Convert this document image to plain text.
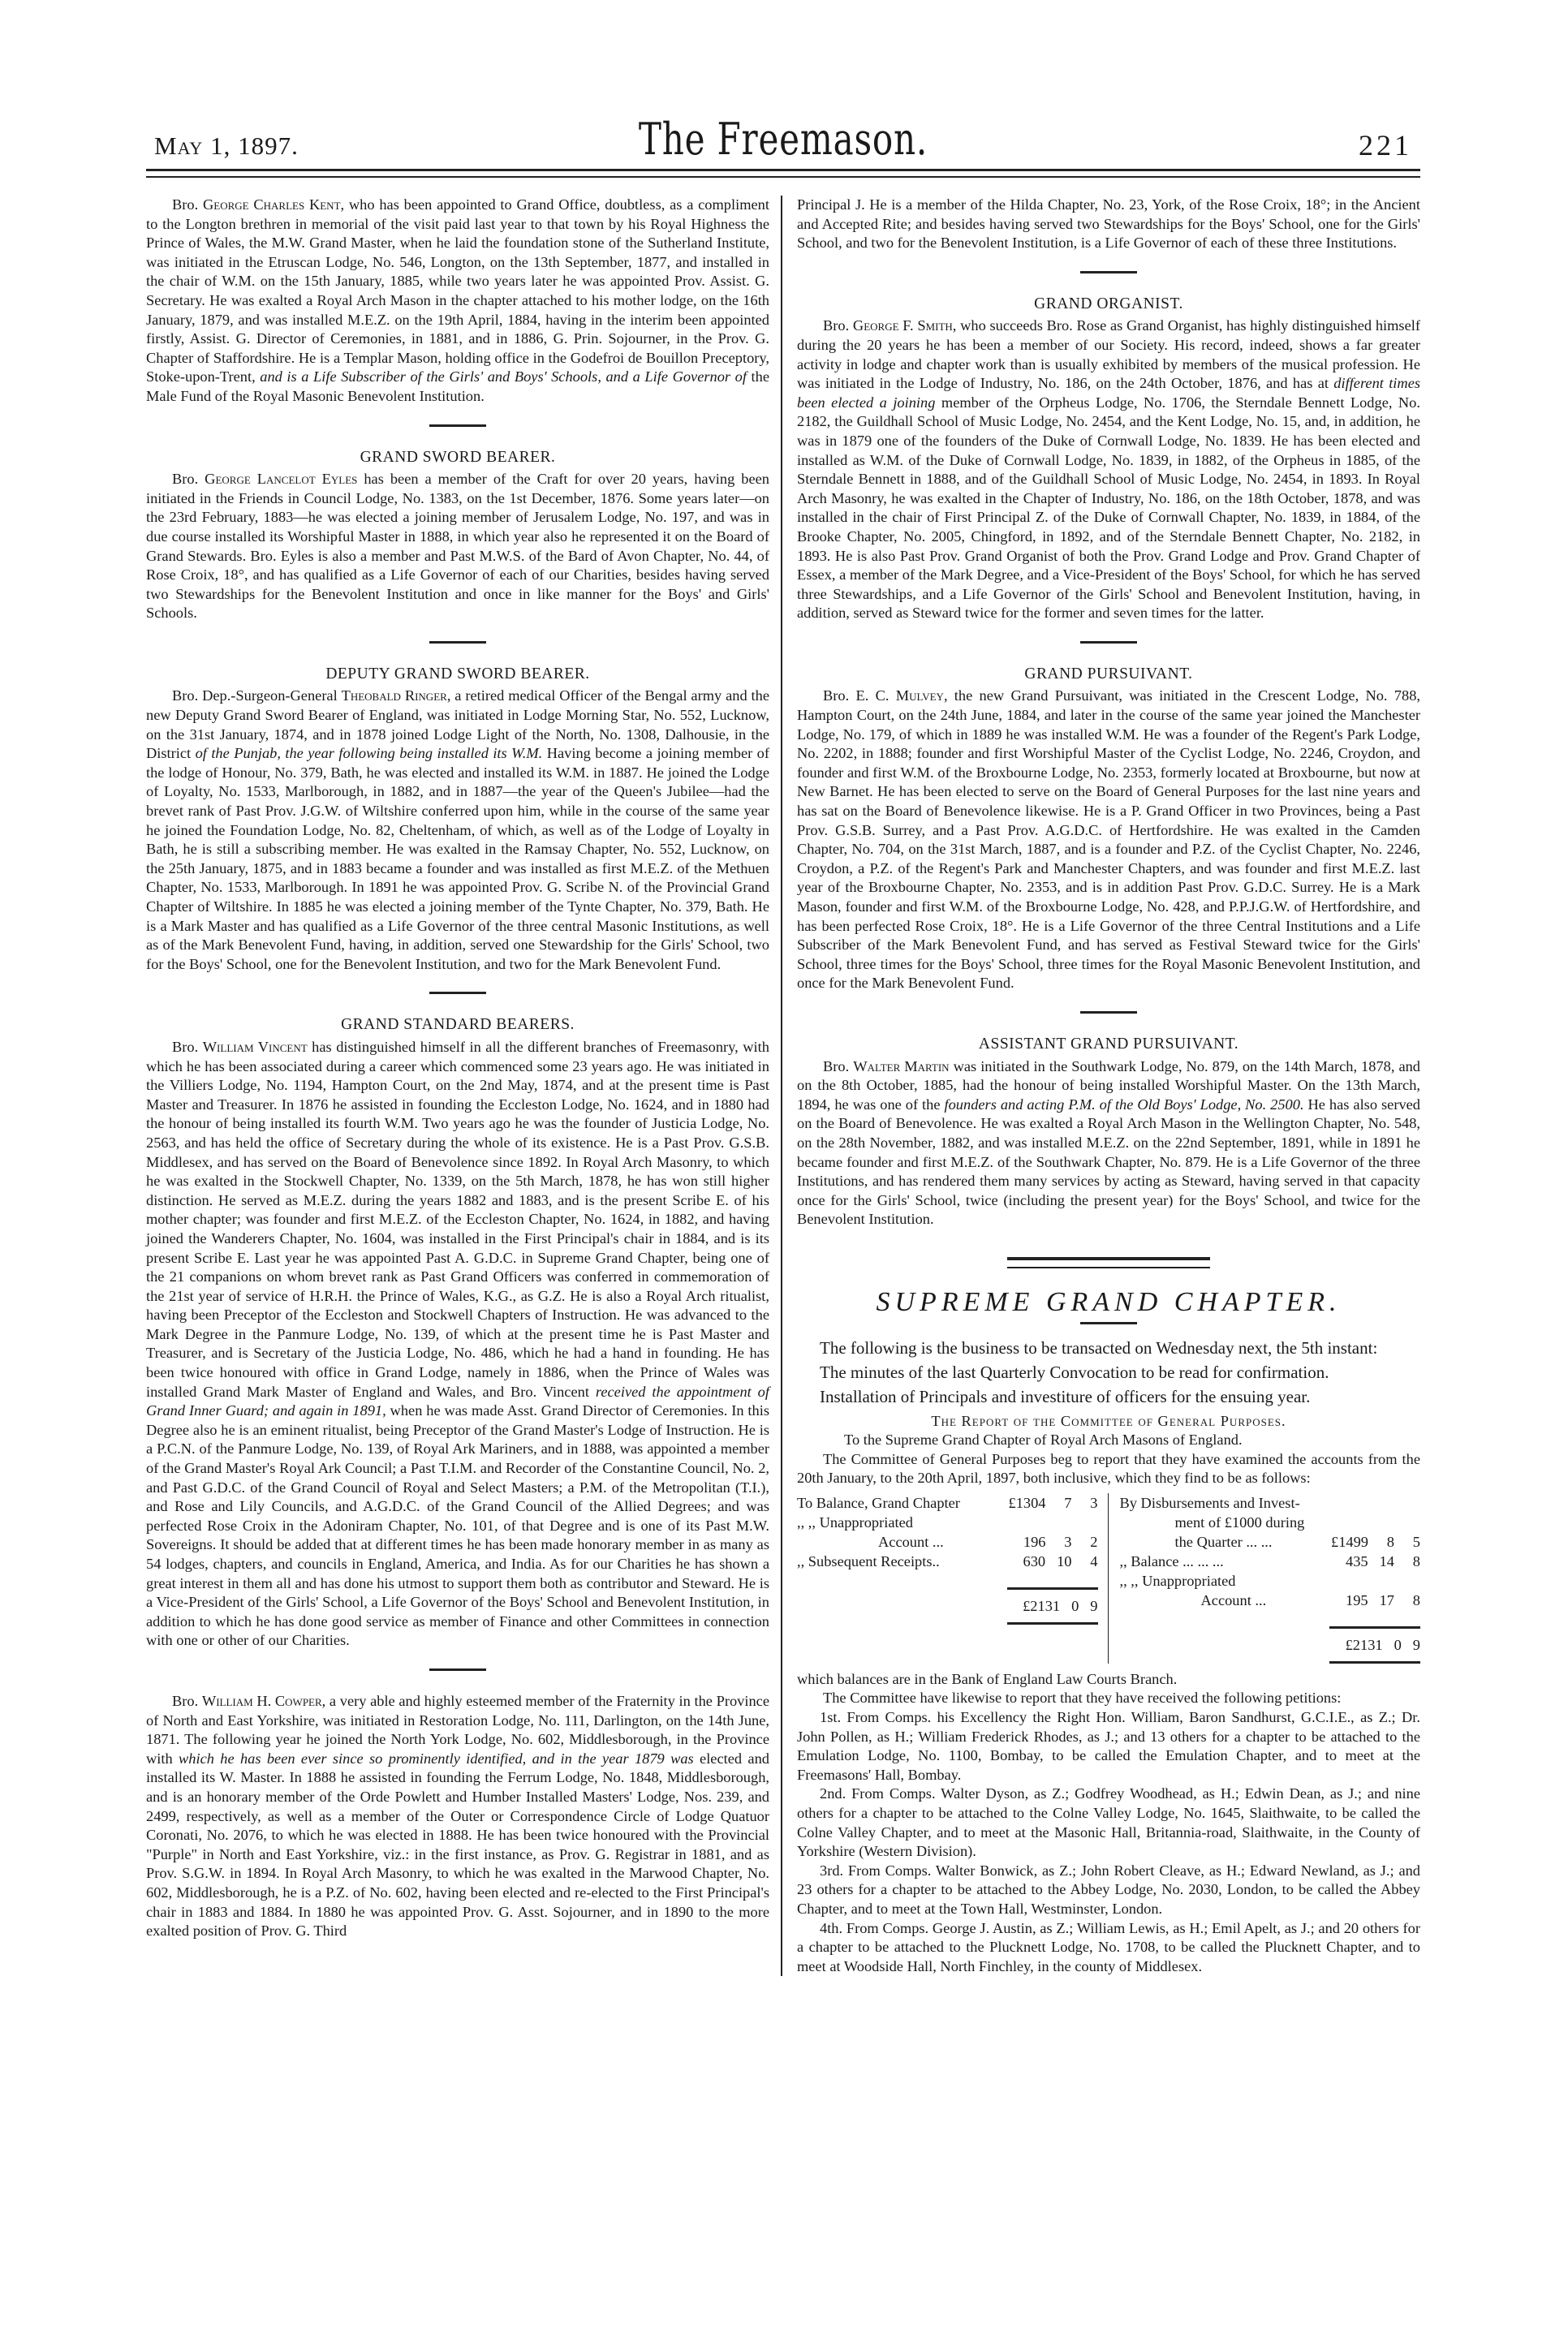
May 1, 1897.	The Freemason.	221

Bro. George Charles Kent, who has been appointed to Grand Office, doubtless, as a compliment to the Longton brethren in memorial of the visit paid last year to that town by his Royal Highness the Prince of Wales, the M.W. Grand Master, when he laid the foundation stone of the Sutherland Institute, was initiated in the Etruscan Lodge, No. 546, Longton, on the 13th September, 1877, and installed in the chair of W.M. on the 15th January, 1885, while two years later he was appointed Prov. Assist. G. Secretary. He was exalted a Royal Arch Mason in the chapter attached to his mother lodge, on the 16th January, 1879, and was installed M.E.Z. on the 19th April, 1884, having in the interim been appointed firstly, Assist. G. Director of Ceremonies, in 1881, and in 1886, G. Prin. Sojourner, in the Prov. G. Chapter of Staffordshire. He is a Templar Mason, holding office in the Godefroi de Bouillon Preceptory, Stoke-upon-Trent, and is a Life Subscriber of the Girls' and Boys' Schools, and a Life Governor of the Male Fund of the Royal Masonic Benevolent Institution.

GRAND SWORD BEARER.

Bro. George Lancelot Eyles has been a member of the Craft for over 20 years, having been initiated in the Friends in Council Lodge, No. 1383, on the 1st December, 1876. Some years later—on the 23rd February, 1883—he was elected a joining member of Jerusalem Lodge, No. 197, and was in due course installed its Worshipful Master in 1888, in which year also he represented it on the Board of Grand Stewards. Bro. Eyles is also a member and Past M.W.S. of the Bard of Avon Chapter, No. 44, of Rose Croix, 18°, and has qualified as a Life Governor of each of our Charities, besides having served two Stewardships for the Benevolent Institution and once in like manner for the Boys' and Girls' Schools.

DEPUTY GRAND SWORD BEARER.

Bro. Dep.-Surgeon-General Theobald Ringer, a retired medical Officer of the Bengal army and the new Deputy Grand Sword Bearer of England, was initiated in Lodge Morning Star, No. 552, Lucknow, on the 31st January, 1874, and in 1878 joined Lodge Light of the North, No. 1308, Dalhousie, in the District of the Punjab, the year following being installed its W.M. Having become a joining member of the lodge of Honour, No. 379, Bath, he was elected and installed its W.M. in 1887. He joined the Lodge of Loyalty, No. 1533, Marlborough, in 1882, and in 1887—the year of the Queen's Jubilee—had the brevet rank of Past Prov. J.G.W. of Wiltshire conferred upon him, while in the course of the same year he joined the Foundation Lodge, No. 82, Cheltenham, of which, as well as of the Lodge of Loyalty in Bath, he is still a subscribing member. He was exalted in the Ramsay Chapter, No. 552, Lucknow, on the 25th January, 1875, and in 1883 became a founder and was installed as first M.E.Z. of the Methuen Chapter, No. 1533, Marlborough. In 1891 he was appointed Prov. G. Scribe N. of the Provincial Grand Chapter of Wiltshire. In 1885 he was elected a joining member of the Tynte Chapter, No. 379, Bath. He is a Mark Master and has qualified as a Life Governor of the three central Masonic Institutions, as well as of the Mark Benevolent Fund, having, in addition, served one Stewardship for the Girls' School, two for the Boys' School, one for the Benevolent Institution, and two for the Mark Benevolent Fund.

GRAND STANDARD BEARERS.

Bro. William Vincent has distinguished himself in all the different branches of Freemasonry, with which he has been associated during a career which commenced some 23 years ago. He was initiated in the Villiers Lodge, No. 1194, Hampton Court, on the 2nd May, 1874, and at the present time is Past Master and Treasurer. In 1876 he assisted in founding the Eccleston Lodge, No. 1624, and in 1880 had the honour of being installed its fourth W.M. Two years ago he was the founder of Justicia Lodge, No. 2563, and has held the office of Secretary during the whole of its existence. He is a Past Prov. G.S.B. Middlesex, and has served on the Board of Benevolence since 1892. In Royal Arch Masonry, to which he was exalted in the Stockwell Chapter, No. 1339, on the 5th March, 1878, he has won still higher distinction. He served as M.E.Z. during the years 1882 and 1883, and is the present Scribe E. of his mother chapter; was founder and first M.E.Z. of the Eccleston Chapter, No. 1624, in 1882, and having joined the Wanderers Chapter, No. 1604, was installed in the First Principal's chair in 1884, and is its present Scribe E. Last year he was appointed Past A. G.D.C. in Supreme Grand Chapter, being one of the 21 companions on whom brevet rank as Past Grand Officers was conferred in commemoration of the 21st year of service of H.R.H. the Prince of Wales, K.G., as G.Z. He is also a Royal Arch ritualist, having been Preceptor of the Eccleston and Stockwell Chapters of Instruction. He was advanced to the Mark Degree in the Panmure Lodge, No. 139, of which at the present time he is Past Master and Treasurer, and is Secretary of the Justicia Lodge, No. 486, which he had a hand in founding. He has been twice honoured with office in Grand Lodge, namely in 1886, when the Prince of Wales was installed Grand Mark Master of England and Wales, and Bro. Vincent received the appointment of Grand Inner Guard; and again in 1891, when he was made Asst. Grand Director of Ceremonies. In this Degree also he is an eminent ritualist, being Preceptor of the Grand Master's Lodge of Instruction. He is a P.C.N. of the Panmure Lodge, No. 139, of Royal Ark Mariners, and in 1888, was appointed a member of the Grand Master's Royal Ark Council; a Past T.I.M. and Recorder of the Constantine Council, No. 2, and Past G.D.C. of the Grand Council of Royal and Select Masters; a P.M. of the Metropolitan (T.I.), and Rose and Lily Councils, and A.G.D.C. of the Grand Council of the Allied Degrees; and was perfected Rose Croix in the Adoniram Chapter, No. 101, of that Degree and is one of its Past M.W. Sovereigns. It should be added that at different times he has been made honorary member in as many as 54 lodges, chapters, and councils in England, America, and India. As for our Charities he has shown a great interest in them all and has done his utmost to support them both as contributor and Steward. He is a Vice-President of the Girls' School, a Life Governor of the Boys' School and Benevolent Institution, in addition to which he has done good service as member of Finance and other Committees in connection with one or other of our Charities.

Bro. William H. Cowper, a very able and highly esteemed member of the Fraternity in the Province of North and East Yorkshire, was initiated in Restoration Lodge, No. 111, Darlington, on the 14th June, 1871. The following year he joined the North York Lodge, No. 602, Middlesborough, in the Province with which he has been ever since so prominently identified, and in the year 1879 was elected and installed its W. Master. In 1888 he assisted in founding the Ferrum Lodge, No. 1848, Middlesborough, and is an honorary member of the Orde Powlett and Humber Installed Masters' Lodge, Nos. 239, and 2499, respectively, as well as a member of the Outer or Correspondence Circle of Lodge Quatuor Coronati, No. 2076, to which he was elected in 1888. He has been twice honoured with the Provincial "Purple" in North and East Yorkshire, viz.: in the first instance, as Prov. G. Registrar in 1881, and as Prov. S.G.W. in 1894. In Royal Arch Masonry, to which he was exalted in the Marwood Chapter, No. 602, Middlesborough, he is a P.Z. of No. 602, having been elected and re-elected to the First Principal's chair in 1883 and 1884. In 1880 he was appointed Prov. G. Asst. Sojourner, and in 1890 to the more exalted position of Prov. G. Third

Principal J. He is a member of the Hilda Chapter, No. 23, York, of the Rose Croix, 18°; in the Ancient and Accepted Rite; and besides having served two Stewardships for the Boys' School, one for the Girls' School, and two for the Benevolent Institution, is a Life Governor of each of these three Institutions.

GRAND ORGANIST.

Bro. George F. Smith, who succeeds Bro. Rose as Grand Organist, has highly distinguished himself during the 20 years he has been a member of our Society. His record, indeed, shows a far greater activity in lodge and chapter work than is usually exhibited by members of the musical profession. He was initiated in the Lodge of Industry, No. 186, on the 24th October, 1876, and has at different times been elected a joining member of the Orpheus Lodge, No. 1706, the Sterndale Bennett Lodge, No. 2182, the Guildhall School of Music Lodge, No. 2454, and the Kent Lodge, No. 15, and, in addition, he was in 1879 one of the founders of the Duke of Cornwall Lodge, No. 1839. He has been elected and installed as W.M. of the Duke of Cornwall Lodge, No. 1839, in 1882, of the Orpheus in 1885, of the Sterndale Bennett in 1888, and of the Guildhall School of Music Lodge, No. 2454, in 1893. In Royal Arch Masonry, he was exalted in the Chapter of Industry, No. 186, on the 18th October, 1878, and was installed in the chair of First Principal Z. of the Duke of Cornwall Chapter, No. 1839, in 1884, of the Brooke Chapter, No. 2005, Chingford, in 1892, and of the Sterndale Bennett Chapter, No. 2182, in 1893. He is also Past Prov. Grand Organist of both the Prov. Grand Lodge and Prov. Grand Chapter of Essex, a member of the Mark Degree, and a Vice-President of the Boys' School, for which he has served three Stewardships, and a Life Governor of the Girls' School and Benevolent Institution, having, in addition, served as Steward twice for the former and seven times for the latter.

GRAND PURSUIVANT.

Bro. E. C. Mulvey, the new Grand Pursuivant, was initiated in the Crescent Lodge, No. 788, Hampton Court, on the 24th June, 1884, and later in the course of the same year joined the Manchester Lodge, No. 179, of which in 1889 he was installed W.M. He was a founder of the Regent's Park Lodge, No. 2202, in 1888; founder and first Worshipful Master of the Cyclist Lodge, No. 2246, Croydon, and founder and first W.M. of the Broxbourne Lodge, No. 2353, formerly located at Broxbourne, but now at New Barnet. He has been elected to serve on the Board of General Purposes for the last nine years and has sat on the Board of Benevolence likewise. He is a P. Grand Officer in two Provinces, being a Past Prov. G.S.B. Surrey, and a Past Prov. A.G.D.C. of Hertfordshire. He was exalted in the Camden Chapter, No. 704, on the 31st March, 1887, and is a founder and P.Z. of the Cyclist Chapter, No. 2246, Croydon, a P.Z. of the Regent's Park and Manchester Chapters, and was founder and first M.E.Z. last year of the Broxbourne Chapter, No. 2353, and is in addition Past Prov. G.D.C. Surrey. He is a Mark Mason, founder and first W.M. of the Broxbourne Lodge, No. 428, and P.P.J.G.W. of Hertfordshire, and has been perfected Rose Croix, 18°. He is a Life Governor of the three Central Institutions and a Life Subscriber of the Mark Benevolent Fund, and has served as Festival Steward twice for the Girls' School, three times for the Boys' School, three times for the Royal Masonic Benevolent Institution, and once for the Mark Benevolent Fund.

ASSISTANT GRAND PURSUIVANT.

Bro. Walter Martin was initiated in the Southwark Lodge, No. 879, on the 14th March, 1878, and on the 8th October, 1885, had the honour of being installed Worshipful Master. On the 13th March, 1894, he was one of the founders and acting P.M. of the Old Boys' Lodge, No. 2500. He has also served on the Board of Benevolence. He was exalted a Royal Arch Mason in the Wellington Chapter, No. 548, on the 28th November, 1882, and was installed M.E.Z. on the 22nd September, 1891, while in 1891 he became founder and first M.E.Z. of the Southwark Chapter, No. 879. He is a Life Governor of the three Institutions, and has rendered them many services by acting as Steward, having served in that capacity once for the Girls' School, twice (including the present year) for the Boys' School, and twice for the Benevolent Institution.

SUPREME GRAND CHAPTER.

The following is the business to be transacted on Wednesday next, the 5th instant:

The minutes of the last Quarterly Convocation to be read for confirmation.

Installation of Principals and investiture of officers for the ensuing year.

The Report of the Committee of General Purposes.

To the Supreme Grand Chapter of Royal Arch Masons of England.

The Committee of General Purposes beg to report that they have examined the accounts from the 20th January, to the 20th April, 1897, both inclusive, which they find to be as follows:

To Balance, Grand Chapter	£1304	7	3
,, ,, Unappropriated
Account ...	196	3	2
,, Subsequent Receipts..	630 10	4
£2131 0 9
By Disbursements and Invest-
ment of £1000 during
the Quarter ... ...	£1499	8	5
,, Balance ... ... ...	435 14	8
,, ,, Unappropriated
Account ...	195 17	8
£2131 0 9

which balances are in the Bank of England Law Courts Branch.

The Committee have likewise to report that they have received the following petitions:

1st. From Comps. his Excellency the Right Hon. William, Baron Sandhurst, G.C.I.E., as Z.; Dr. John Pollen, as H.; William Frederick Rhodes, as J.; and 13 others for a chapter to be attached to the Emulation Lodge, No. 1100, Bombay, to be called the Emulation Chapter, and to meet at the Freemasons' Hall, Bombay.

2nd. From Comps. Walter Dyson, as Z.; Godfrey Woodhead, as H.; Edwin Dean, as J.; and nine others for a chapter to be attached to the Colne Valley Lodge, No. 1645, Slaithwaite, to be called the Colne Valley Chapter, and to meet at the Masonic Hall, Britannia-road, Slaithwaite, in the County of Yorkshire (Western Division).

3rd. From Comps. Walter Bonwick, as Z.; John Robert Cleave, as H.; Edward Newland, as J.; and 23 others for a chapter to be attached to the Abbey Lodge, No. 2030, London, to be called the Abbey Chapter, and to meet at the Town Hall, Westminster, London.

4th. From Comps. George J. Austin, as Z.; William Lewis, as H.; Emil Apelt, as J.; and 20 others for a chapter to be attached to the Plucknett Lodge, No. 1708, to be called the Plucknett Chapter, and to meet at Woodside Hall, North Finchley, in the county of Middlesex.
